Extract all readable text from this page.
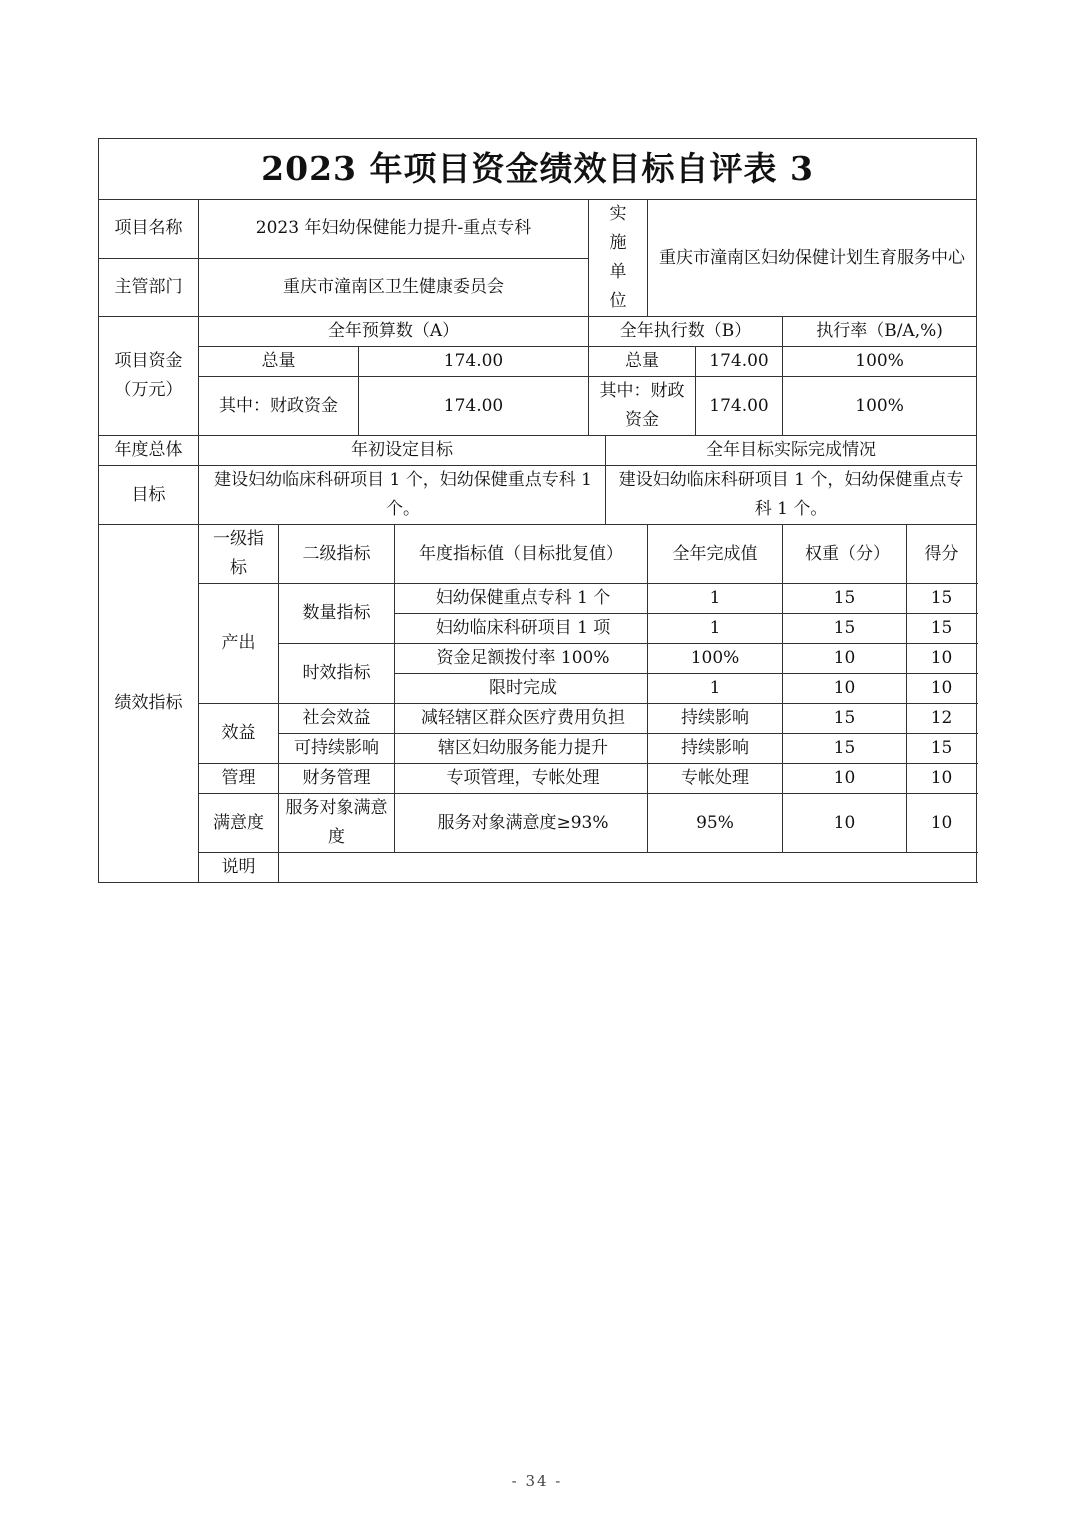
2023 年项目资金绩效目标自评表 3										
项目名称	2023 年妇幼保健能力提升-重点专科				实施单位		重庆市潼南区妇幼保健计划生育服务中心			
主管部门	重庆市潼南区卫生健康委员会									
项目资金（万元）	全年预算数（A）				全年执行数（B）				执行率（B/A,%)	
	总量		174.00		总量			174.00	100%	
	其中：财政资金		174.00		其中：财政资金			174.00	100%	
年度总体	年初设定目标					全年目标实际完成情况				
目标	建设妇幼临床科研项目 1 个，妇幼保健重点专科 1 个。					建设妇幼临床科研项目 1 个，妇幼保健重点专科 1 个。				
绩效指标	一级指标	二级指标		年度指标值（目标批复值）			全年完成值		权重（分）	得分
	产出	数量指标		妇幼保健重点专科 1 个			1		15	15
				妇幼临床科研项目 1 项			1		15	15
		时效指标		资金足额拨付率 100%			100%		10	10
				限时完成			1		10	10
	效益	社会效益		减轻辖区群众医疗费用负担			持续影响		15	12
		可持续影响		辖区妇幼服务能力提升			持续影响		15	15
	管理	财务管理		专项管理，专帐处理			专帐处理		10	10
	满意度	服务对象满意度		服务对象满意度≥93%			95%		10	10
	说明									
- 34 -
